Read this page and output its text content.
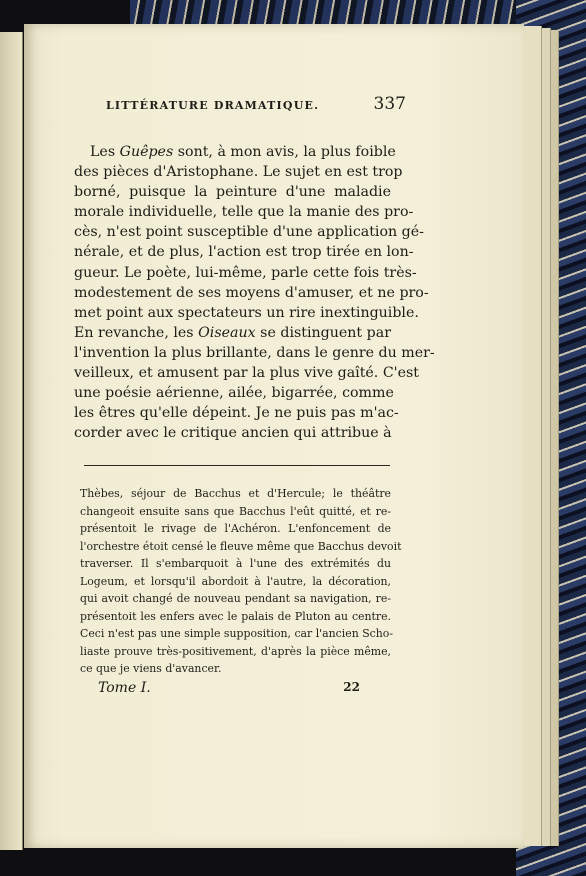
LITTÉRATURE DRAMATIQUE.	337
Les Guêpes sont, à mon avis, la plus foible
des pièces d'Aristophane. Le sujet en est trop
borné, puisque la peinture d'une maladie
morale individuelle, telle que la manie des pro-
cès, n'est point susceptible d'une application gé-
nérale, et de plus, l'action est trop tirée en lon-
gueur. Le poète, lui-même, parle cette fois très-
modestement de ses moyens d'amuser, et ne pro-
met point aux spectateurs un rire inextinguible.
En revanche, les Oiseaux se distinguent par
l'invention la plus brillante, dans le genre du mer-
veilleux, et amusent par la plus vive gaîté. C'est
une poésie aérienne, ailée, bigarrée, comme
les êtres qu'elle dépeint. Je ne puis pas m'ac-
corder avec le critique ancien qui attribue à
Thèbes, séjour de Bacchus et d'Hercule; le théâtre
changeoit ensuite sans que Bacchus l'eût quitté, et re-
présentoit le rivage de l'Achéron. L'enfoncement de
l'orchestre étoit censé le fleuve même que Bacchus devoit
traverser. Il s'embarquoit à l'une des extrémités du
Logeum, et lorsqu'il abordoit à l'autre, la décoration,
qui avoit changé de nouveau pendant sa navigation, re-
présentoit les enfers avec le palais de Pluton au centre.
Ceci n'est pas une simple supposition, car l'ancien Scho-
liaste prouve très-positivement, d'après la pièce même,
ce que je viens d'avancer.
Tome I.	22
